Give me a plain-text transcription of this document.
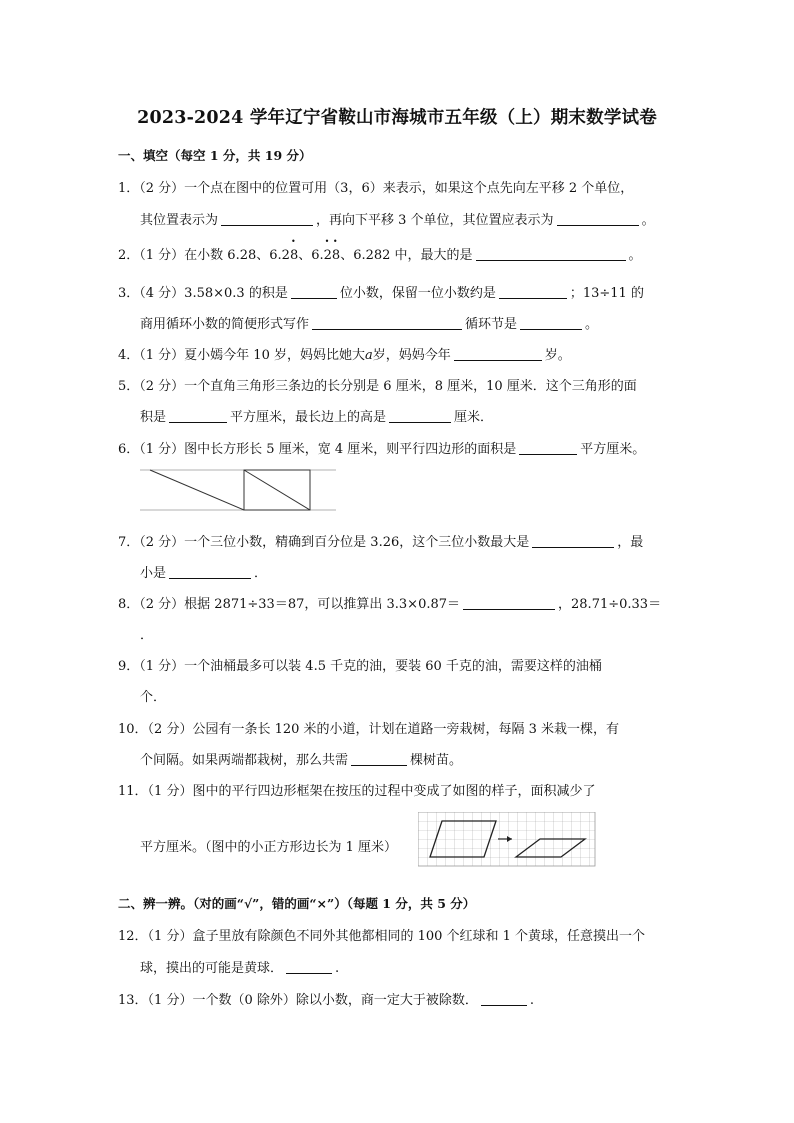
2023-2024 学年辽宁省鞍山市海城市五年级（上）期末数学试卷
一、填空（每空 1 分，共 19 分）
1．（2 分）一个点在图中的位置可用（3，6）来表示，如果这个点先向左平移 2 个单位，
其位置表示为	，再向下平移 3 个单位，其位置应表示为	。
2．（1 分）在小数 6.28、6.28 •、6.2 •8 •、6.282 中，最大的是	。
3．（4 分）3.58×0.3 的积是	位小数，保留一位小数约是	；13÷11 的
商用循环小数的简便形式写作	循环节是	。
4．（1 分）夏小嫣今年 10 岁，妈妈比她大a岁，妈妈今年	岁。
5．（2 分）一个直角三角形三条边的长分别是 6 厘米，8 厘米，10 厘米．这个三角形的面
积是	平方厘米，最长边上的高是	厘米．
6．（1 分）图中长方形长 5 厘米，宽 4 厘米，则平行四边形的面积是	平方厘米。
7．（2 分）一个三位小数，精确到百分位是 3.26，这个三位小数最大是	，最
小是	．
8．（2 分）根据 2871÷33＝87，可以推算出 3.3×0.87＝	，28.71÷0.33＝
．
9．（1 分）一个油桶最多可以装 4.5 千克的油，要装 60 千克的油，需要这样的油桶
个．
10．（2 分）公园有一条长 120 米的小道，计划在道路一旁栽树，每隔 3 米栽一棵，有
个间隔。如果两端都栽树，那么共需	棵树苗。
11．（1 分）图中的平行四边形框架在按压的过程中变成了如图的样子，面积减少了
平方厘米。（图中的小正方形边长为 1 厘米）
二、辨一辨。（对的画“√”，错的画“×”）（每题 1 分，共 5 分）
12．（1 分）盒子里放有除颜色不同外其他都相同的 100 个红球和 1 个黄球，任意摸出一个
球，摸出的可能是黄球．	.
13．（1 分）一个数（0 除外）除以小数，商一定大于被除数．	.
